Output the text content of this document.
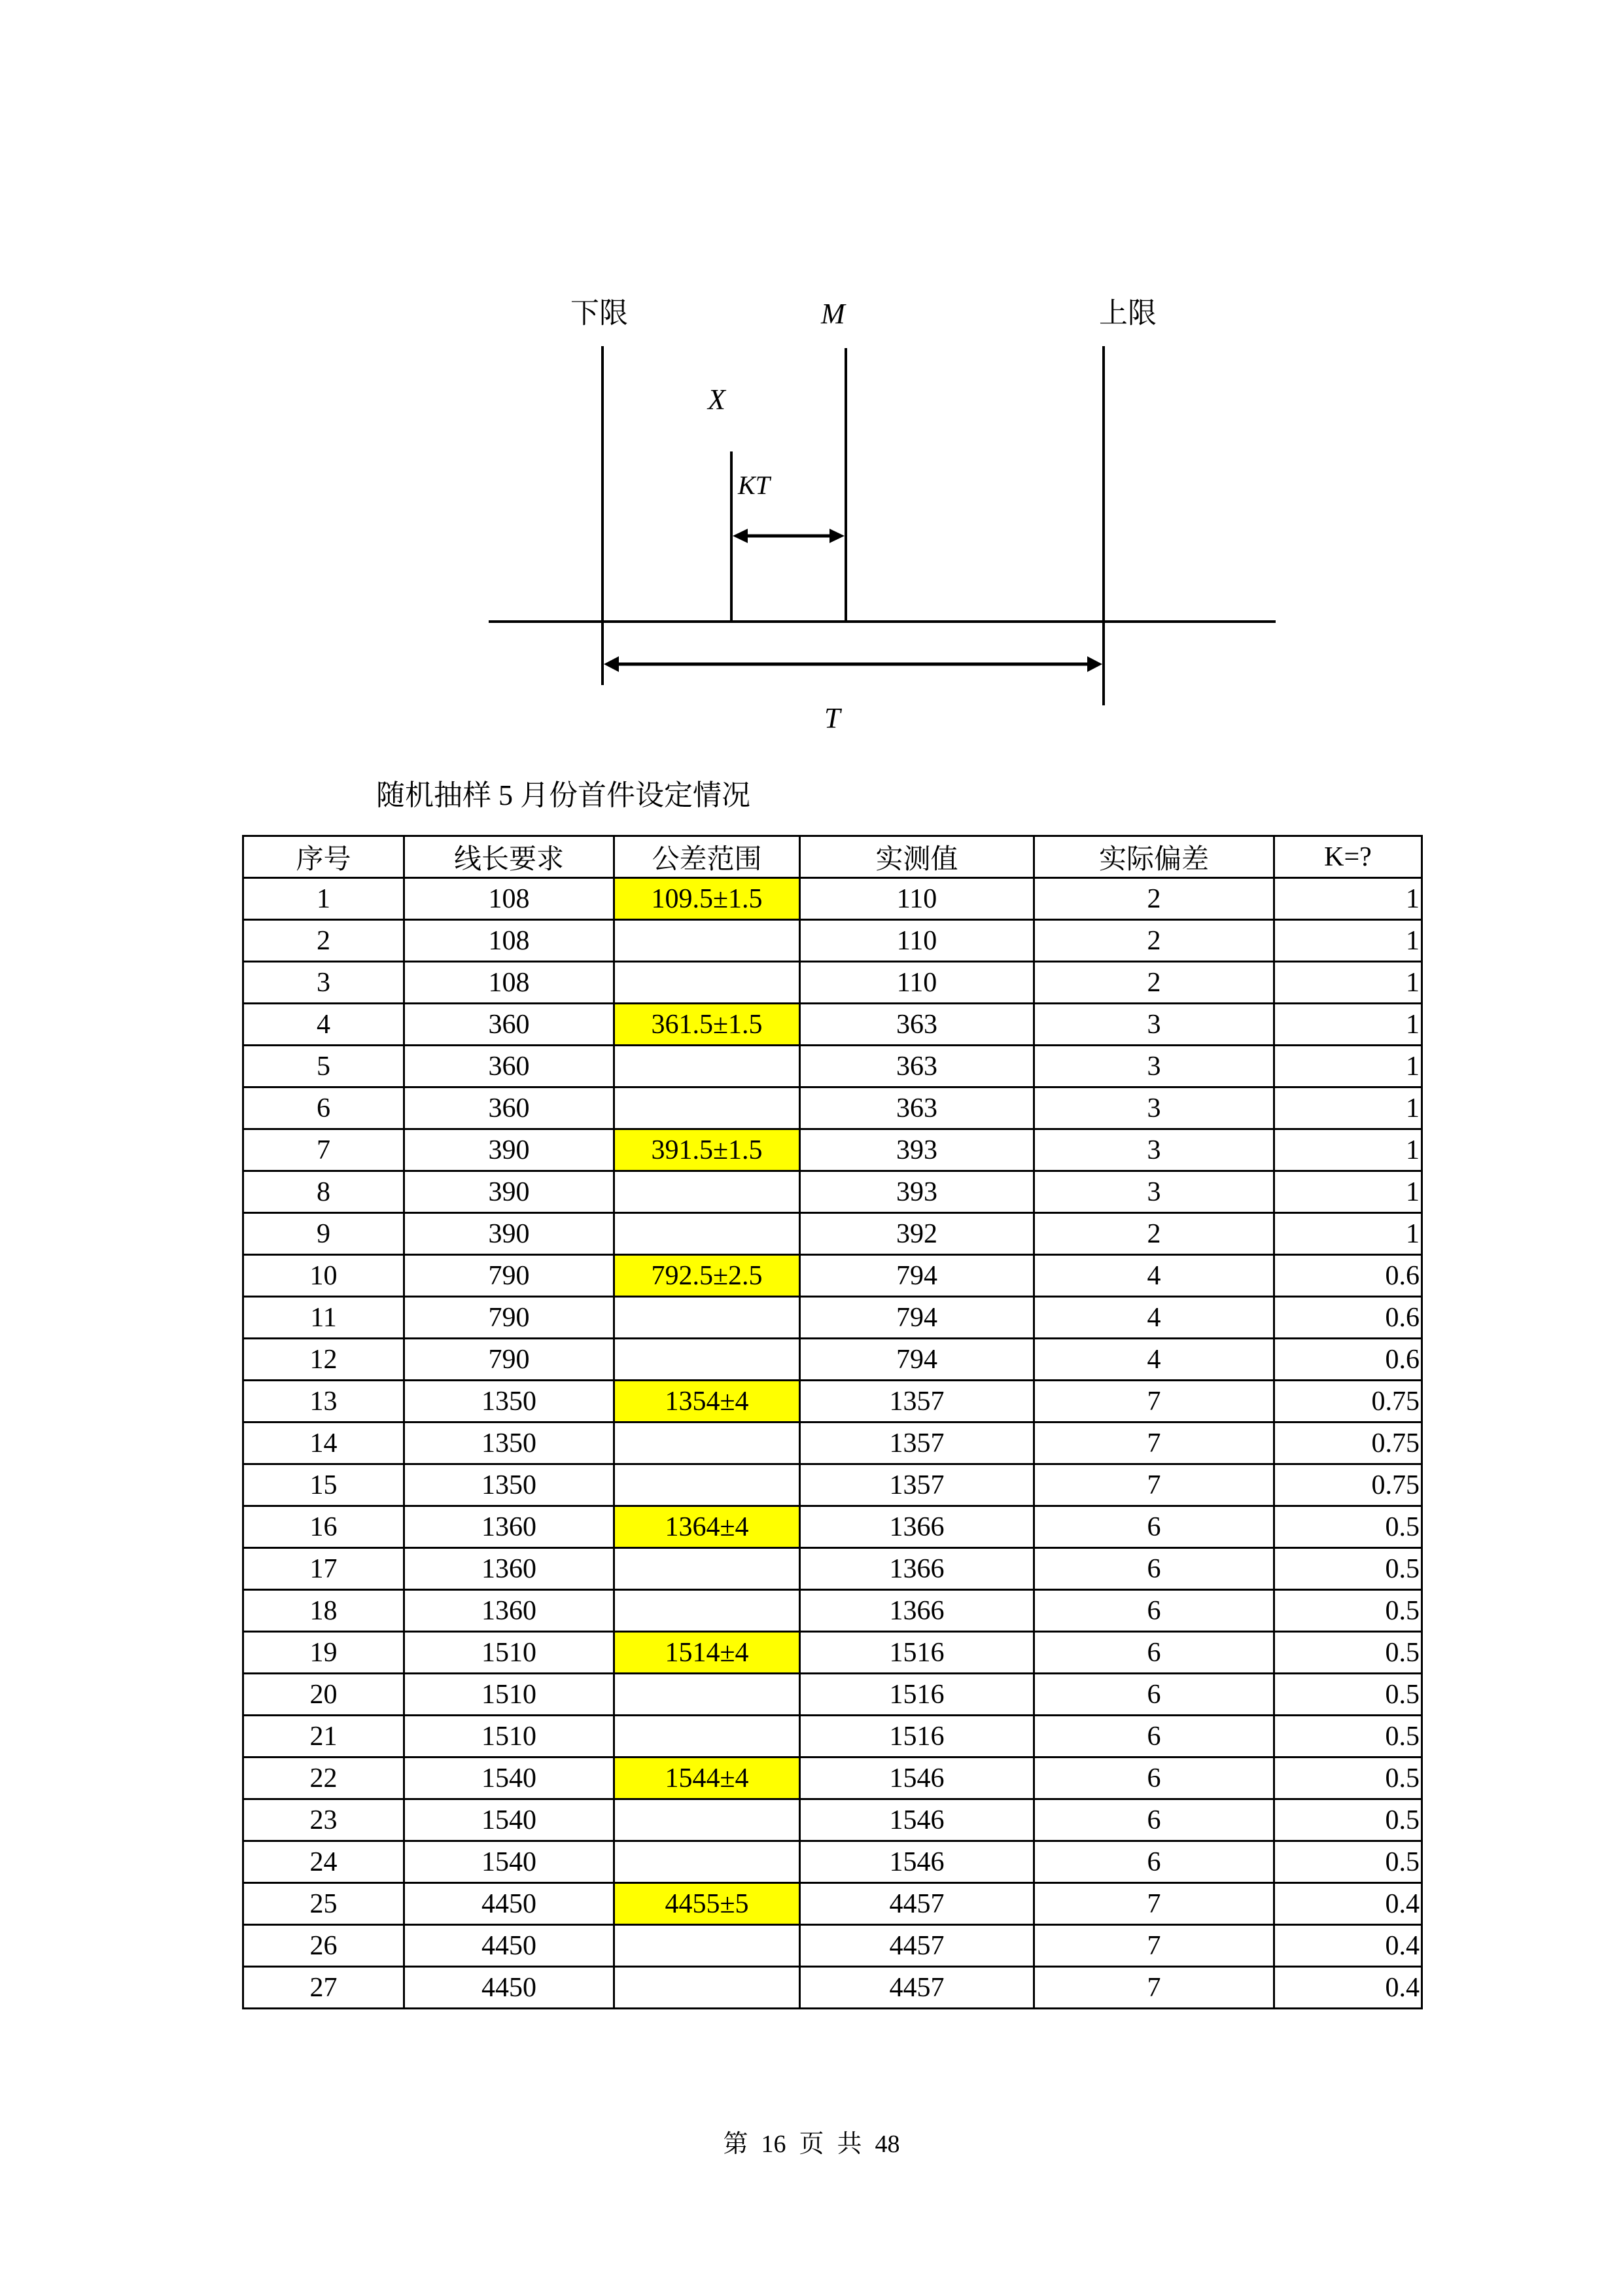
下限	M	上限
X
KT
T
随机抽样 5 月份首件设定情况
序号	线长要求	公差范围	实测值	实际偏差	K=?
1	108	109.5±1.5	110	2	1
2	108		110	2	1
3	108		110	2	1
4	360	361.5±1.5	363	3	1
5	360		363	3	1
6	360		363	3	1
7	390	391.5±1.5	393	3	1
8	390		393	3	1
9	390		392	2	1
10	790	792.5±2.5	794	4	0.6
11	790		794	4	0.6
12	790		794	4	0.6
13	1350	1354±4	1357	7	0.75
14	1350		1357	7	0.75
15	1350		1357	7	0.75
16	1360	1364±4	1366	6	0.5
17	1360		1366	6	0.5
18	1360		1366	6	0.5
19	1510	1514±4	1516	6	0.5
20	1510		1516	6	0.5
21	1510		1516	6	0.5
22	1540	1544±4	1546	6	0.5
23	1540		1546	6	0.5
24	1540		1546	6	0.5
25	4450	4455±5	4457	7	0.4
26	4450		4457	7	0.4
27	4450		4457	7	0.4
第 16 页 共 48
